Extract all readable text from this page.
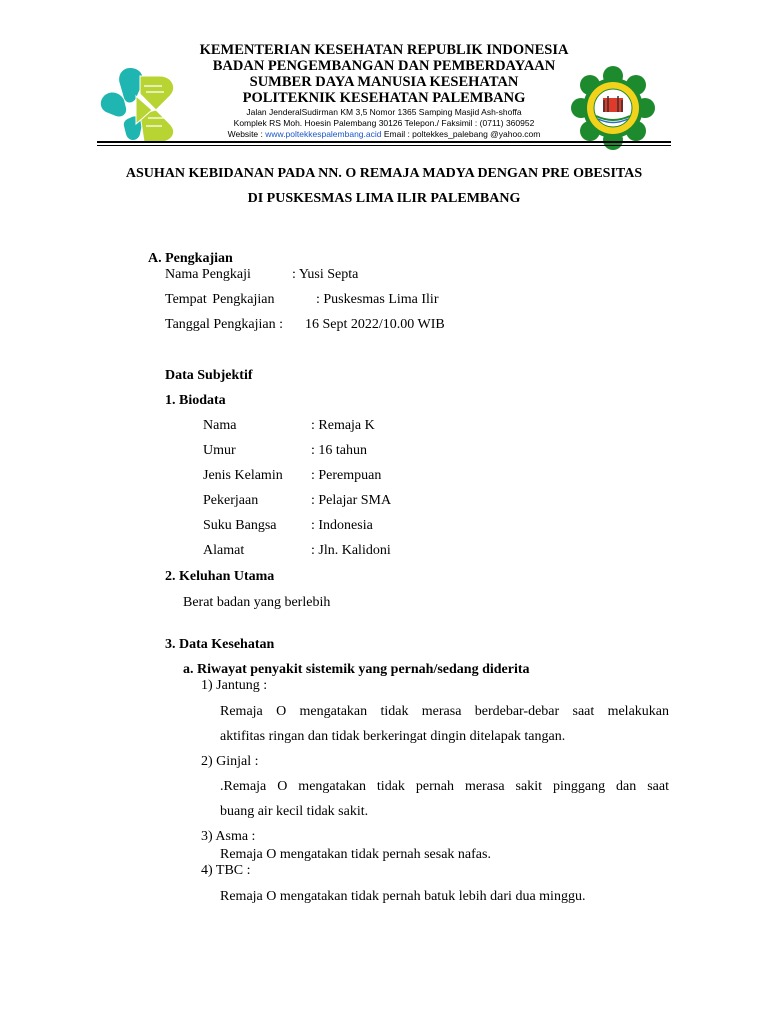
KEMENTERIAN KESEHATAN REPUBLIK INDONESIA
BADAN PENGEMBANGAN DAN PEMBERDAYAAN
SUMBER DAYA MANUSIA KESEHATAN
POLITEKNIK KESEHATAN PALEMBANG
Jalan JenderalSudirman KM 3,5 Nomor 1365 Samping Masjid Ash-shoffa
Komplek RS Moh. Hoesin Palembang 30126 Telepon./ Faksimil : (0711) 360952
Website : www.poltekkespalembang.acid Email : poltekkes_palebang @yahoo.com
ASUHAN KEBIDANAN PADA NN. O REMAJA MADYA DENGAN PRE OBESITAS
DI PUSKESMAS LIMA ILIR PALEMBANG
A. Pengkajian
Nama Pengkaji	: Yusi Septa
Tempat Pengkajian	: Puskesmas Lima Ilir
Tanggal Pengkajian : 16 Sept 2022/10.00 WIB
Data Subjektif
1. Biodata
Nama	: Remaja K
Umur	: 16 tahun
Jenis Kelamin : Perempuan
Pekerjaan	: Pelajar SMA
Suku Bangsa : Indonesia
Alamat	: Jln. Kalidoni
2. Keluhan Utama
Berat badan yang berlebih
3. Data Kesehatan
a. Riwayat penyakit sistemik yang pernah/sedang diderita
1) Jantung :
Remaja O mengatakan tidak merasa berdebar-debar saat melakukan
aktifitas ringan dan tidak berkeringat dingin ditelapak tangan.
2) Ginjal :
.Remaja O mengatakan tidak pernah merasa sakit pinggang dan saat
buang air kecil tidak sakit.
3) Asma :
Remaja O mengatakan tidak pernah sesak nafas.
4) TBC :
Remaja O mengatakan tidak pernah batuk lebih dari dua minggu.
